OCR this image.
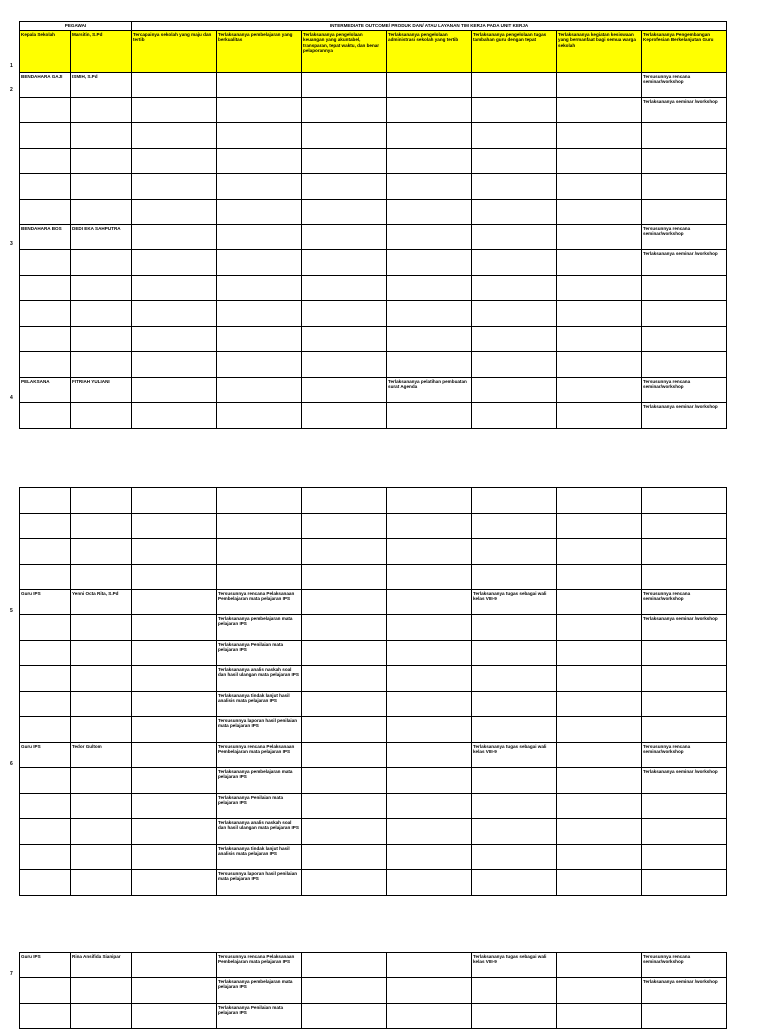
PEGAWAI		INTERMEDIATE OUTCOME/ PRODUK DAN/ ATAU LAYANAN TIM KERJA PADA UNIT KERJA						
Kepala Sekolah	Marsitin, S.Pd	Tercapainya sekolah yang maju dan tertib	Terlaksananya pembelajaran yang berkualitas	Terlaksananya pengelolaan keuangan yang akuntabel, transparan, tepat waktu, dan benar pelaporannya	Terlaksananya pengelolaan administrasi sekolah yang tertib	Terlaksananya pengelolaan tugas tambahan guru dengan tepat	Terlaksananya kegiatan kesiswaan yang bermanfaat bagi semua warga sekolah	Terlaksananya Pengembangan Keprofesian Berkelanjutan Guru
BENDAHARA GAJI	ISMIH, S.Pd							Tersusunnya rencana seminar/workshop
								Terlaksananya seminar /workshop

BENDAHARA BOS	DEDI EKA SAHPUTRA							Tersusunnya rencana seminar/workshop
								Terlaksananya seminar /workshop

PELAKSANA	FITRIAH YULIANI				Terlaksananya pelatihan pembuatan surat Agenda			Tersusunnya rencana seminar/workshop
								Terlaksananya seminar /workshop
1
2
3
4

Guru IPS	Yenni Octa Rita, S.Pd		Tersusunnya rencana Pelaksanaan Pembelajaran mata pelajaran IPS			Terlaksananya tugas sebagai wali kelas VIII-9		Tersusunnya rencana seminar/workshop
			Terlaksananya pembelajaran mata pelajaran IPS					Terlaksananya seminar /workshop
			Terlaksananya Penilaian mata pelajaran IPS					
			Terlaksananya analis naskah soal dan hasil ulangan mata pelajaran IPS					
			Terlaksananya tindak lanjut hasil analisis mata pelajaran IPS					
			Tersusunnya laporan hasil penilaian mata pelajaran IPS					
Guru IPS	Tedor Gultom		Tersusunnya rencana Pelaksanaan Pembelajaran mata pelajaran IPS			Terlaksananya tugas sebagai wali kelas VIII-9		Tersusunnya rencana seminar/workshop
			Terlaksananya pembelajaran mata pelajaran IPS					Terlaksananya seminar /workshop
			Terlaksananya Penilaian mata pelajaran IPS					
			Terlaksananya analis naskah soal dan hasil ulangan mata pelajaran IPS					
			Terlaksananya tindak lanjut hasil analisis mata pelajaran IPS					
			Tersusunnya laporan hasil penilaian mata pelajaran IPS					
5
6
Guru IPS	Rina Ansifida Sianipar		Tersusunnya rencana Pelaksanaan Pembelajaran mata pelajaran IPS			Terlaksananya tugas sebagai wali kelas VIII-9		Tersusunnya rencana seminar/workshop
			Terlaksananya pembelajaran mata pelajaran IPS					Terlaksananya seminar /workshop
			Terlaksananya Penilaian mata pelajaran IPS					
7
